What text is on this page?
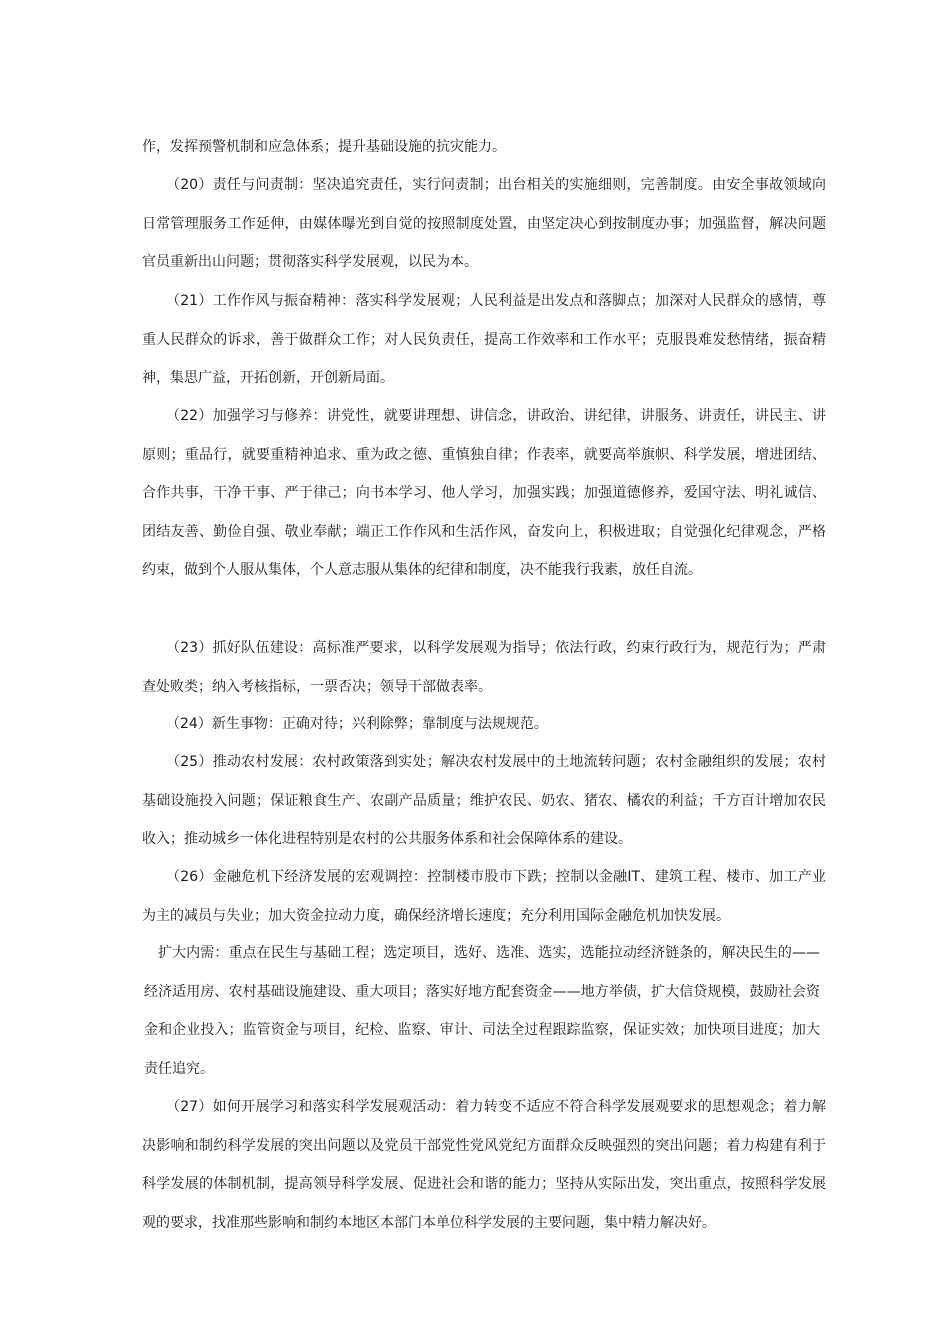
作，发挥预警机制和应急体系；提升基础设施的抗灾能力。

（20）责任与问责制：坚决追究责任，实行问责制；出台相关的实施细则，完善制度。由安全事故领域向日常管理服务工作延伸，由媒体曝光到自觉的按照制度处置，由坚定决心到按制度办事；加强监督，解决问题官员重新出山问题；贯彻落实科学发展观，以民为本。

（21）工作作风与振奋精神：落实科学发展观；人民利益是出发点和落脚点；加深对人民群众的感情，尊重人民群众的诉求，善于做群众工作；对人民负责任，提高工作效率和工作水平；克服畏难发愁情绪，振奋精神，集思广益，开拓创新，开创新局面。

（22）加强学习与修养：讲党性，就要讲理想、讲信念，讲政治、讲纪律，讲服务、讲责任，讲民主、讲原则；重品行，就要重精神追求、重为政之德、重慎独自律；作表率，就要高举旗帜、科学发展，增进团结、合作共事，干净干事、严于律己；向书本学习、他人学习，加强实践；加强道德修养，爱国守法、明礼诚信、团结友善、勤俭自强、敬业奉献；端正工作作风和生活作风，奋发向上，积极进取；自觉强化纪律观念，严格约束，做到个人服从集体，个人意志服从集体的纪律和制度，决不能我行我素，放任自流。

（23）抓好队伍建设：高标准严要求，以科学发展观为指导；依法行政，约束行政行为，规范行为；严肃查处败类；纳入考核指标，一票否决；领导干部做表率。

（24）新生事物：正确对待；兴利除弊；靠制度与法规规范。

（25）推动农村发展：农村政策落到实处；解决农村发展中的土地流转问题；农村金融组织的发展；农村基础设施投入问题；保证粮食生产、农副产品质量；维护农民、奶农、猪农、橘农的利益；千方百计增加农民收入；推动城乡一体化进程特别是农村的公共服务体系和社会保障体系的建设。

（26）金融危机下经济发展的宏观调控：控制楼市股市下跌；控制以金融IT、建筑工程、楼市、加工产业为主的减员与失业；加大资金拉动力度，确保经济增长速度；充分利用国际金融危机加快发展。

扩大内需：重点在民生与基础工程；选定项目，选好、选准、选实，选能拉动经济链条的，解决民生的——经济适用房、农村基础设施建设、重大项目；落实好地方配套资金——地方举债，扩大信贷规模，鼓励社会资金和企业投入；监管资金与项目，纪检、监察、审计、司法全过程跟踪监察，保证实效；加快项目进度；加大责任追究。

（27）如何开展学习和落实科学发展观活动：着力转变不适应不符合科学发展观要求的思想观念；着力解决影响和制约科学发展的突出问题以及党员干部党性党风党纪方面群众反映强烈的突出问题；着力构建有利于科学发展的体制机制，提高领导科学发展、促进社会和谐的能力；坚持从实际出发，突出重点，按照科学发展观的要求，找准那些影响和制约本地区本部门本单位科学发展的主要问题，集中精力解决好。
